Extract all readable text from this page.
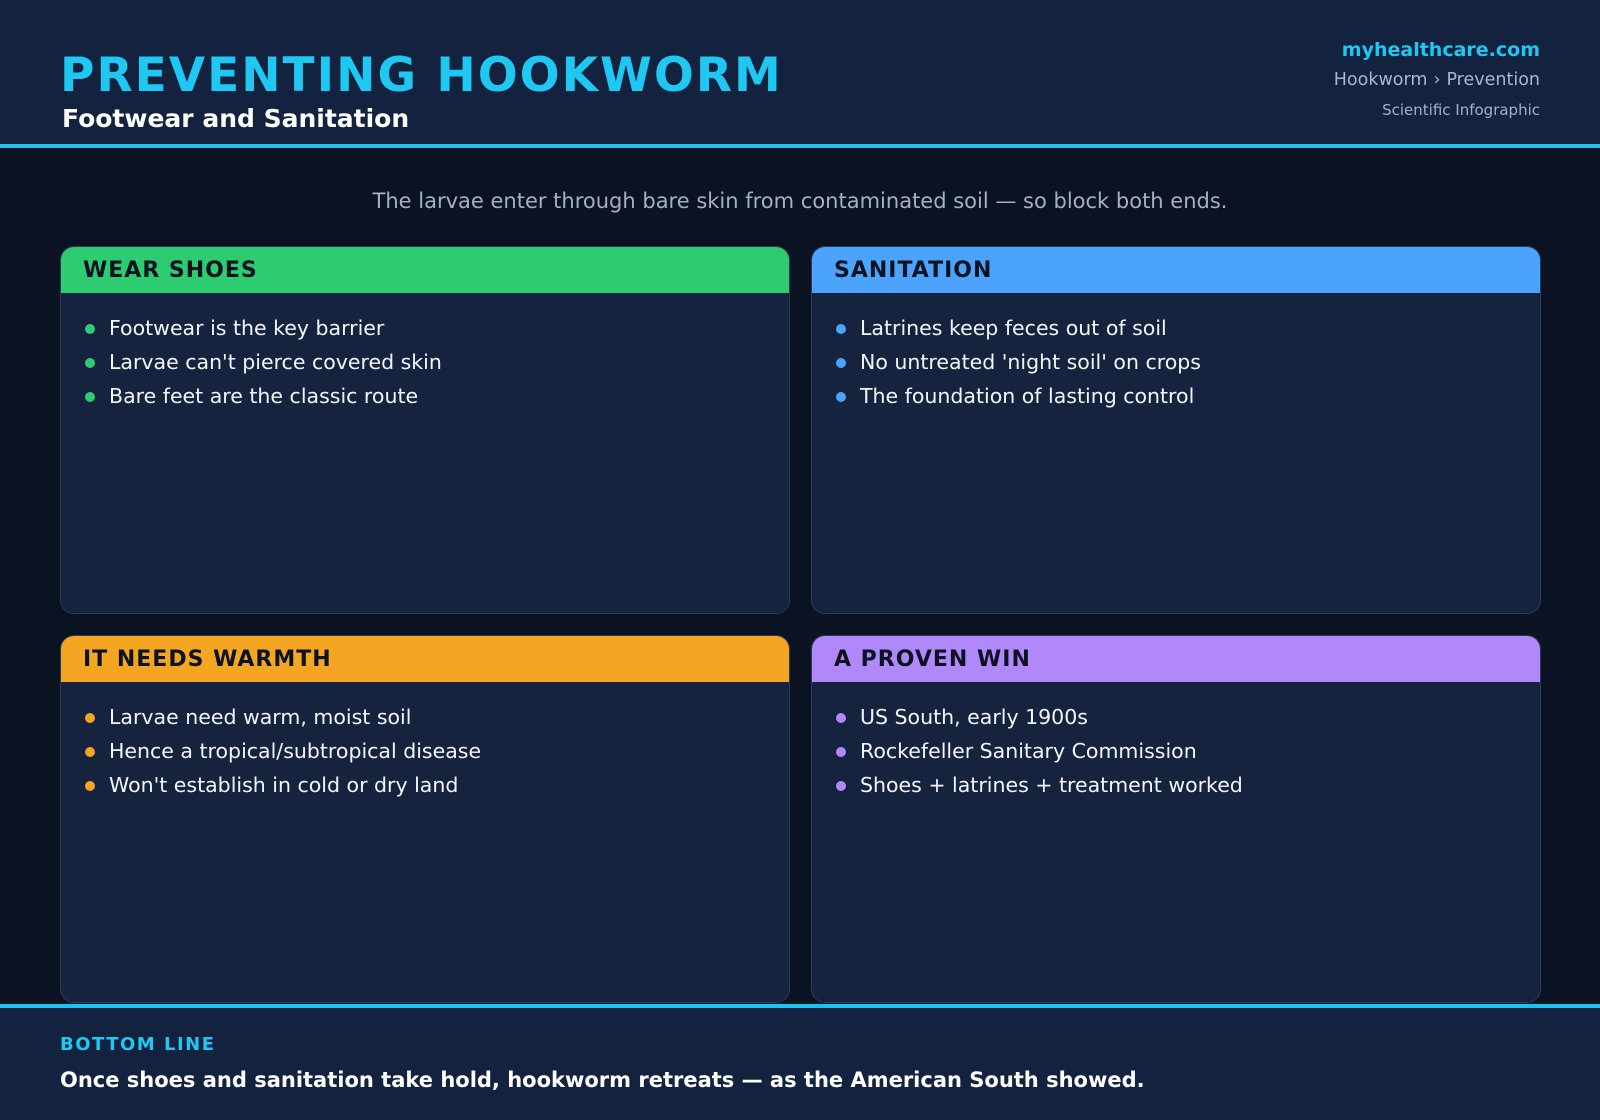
PREVENTING HOOKWORM
Footwear and Sanitation
myhealthcare.com
Hookworm › Prevention
Scientific Infographic
The larvae enter through bare skin from contaminated soil — so block both ends.
WEAR SHOES
Footwear is the key barrier
Larvae can't pierce covered skin
Bare feet are the classic route
SANITATION
Latrines keep feces out of soil
No untreated 'night soil' on crops
The foundation of lasting control
IT NEEDS WARMTH
Larvae need warm, moist soil
Hence a tropical/subtropical disease
Won't establish in cold or dry land
A PROVEN WIN
US South, early 1900s
Rockefeller Sanitary Commission
Shoes + latrines + treatment worked
BOTTOM LINE
Once shoes and sanitation take hold, hookworm retreats — as the American South showed.
